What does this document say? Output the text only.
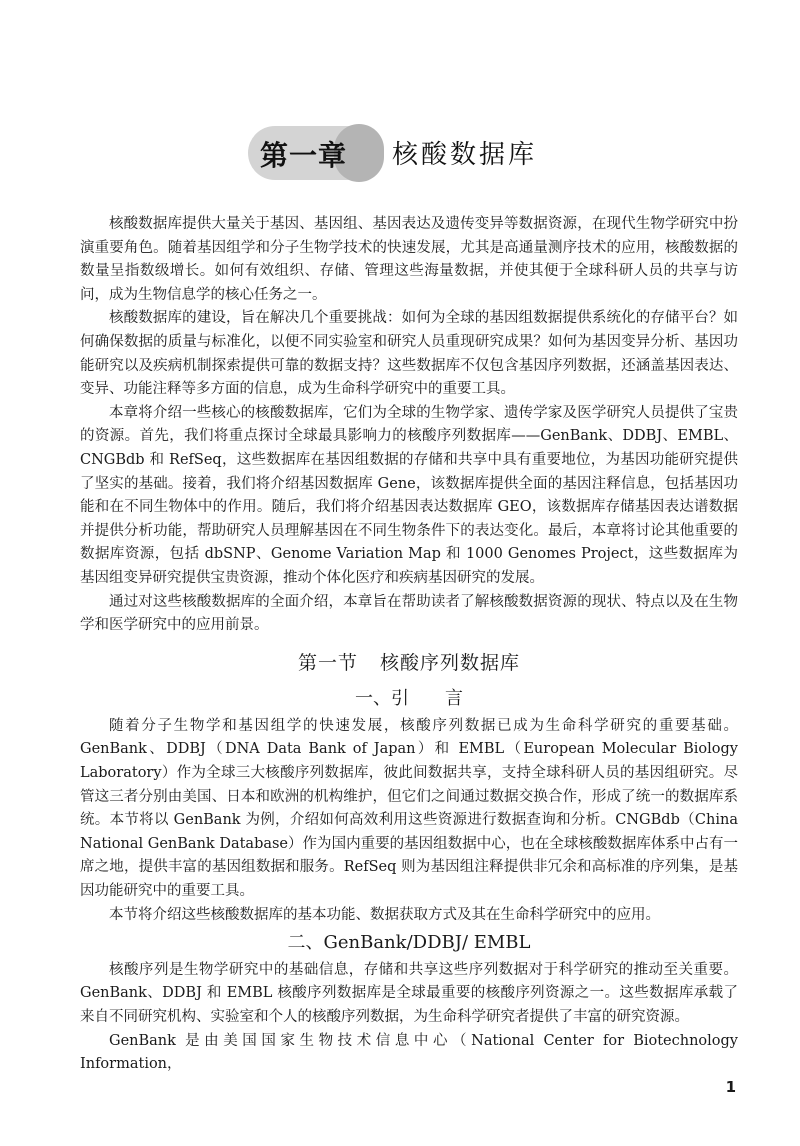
第一章 核酸数据库

核酸数据库提供大量关于基因、基因组、基因表达及遗传变异等数据资源，在现代生物学研究中扮演重要角色。随着基因组学和分子生物学技术的快速发展，尤其是高通量测序技术的应用，核酸数据的数量呈指数级增长。如何有效组织、存储、管理这些海量数据，并使其便于全球科研人员的共享与访问，成为生物信息学的核心任务之一。

核酸数据库的建设，旨在解决几个重要挑战：如何为全球的基因组数据提供系统化的存储平台？如何确保数据的质量与标准化，以便不同实验室和研究人员重现研究成果？如何为基因变异分析、基因功能研究以及疾病机制探索提供可靠的数据支持？这些数据库不仅包含基因序列数据，还涵盖基因表达、变异、功能注释等多方面的信息，成为生命科学研究中的重要工具。

本章将介绍一些核心的核酸数据库，它们为全球的生物学家、遗传学家及医学研究人员提供了宝贵的资源。首先，我们将重点探讨全球最具影响力的核酸序列数据库——GenBank、DDBJ、EMBL、CNGBdb 和 RefSeq，这些数据库在基因组数据的存储和共享中具有重要地位，为基因功能研究提供了坚实的基础。接着，我们将介绍基因数据库 Gene，该数据库提供全面的基因注释信息，包括基因功能和在不同生物体中的作用。随后，我们将介绍基因表达数据库 GEO，该数据库存储基因表达谱数据并提供分析功能，帮助研究人员理解基因在不同生物条件下的表达变化。最后，本章将讨论其他重要的数据库资源，包括 dbSNP、Genome Variation Map 和 1000 Genomes Project，这些数据库为基因组变异研究提供宝贵资源，推动个体化医疗和疾病基因研究的发展。

通过对这些核酸数据库的全面介绍，本章旨在帮助读者了解核酸数据资源的现状、特点以及在生物学和医学研究中的应用前景。

第一节 核酸序列数据库
一、引　　言

随着分子生物学和基因组学的快速发展，核酸序列数据已成为生命科学研究的重要基础。GenBank、DDBJ（DNA Data Bank of Japan）和 EMBL（European Molecular Biology Laboratory）作为全球三大核酸序列数据库，彼此间数据共享，支持全球科研人员的基因组研究。尽管这三者分别由美国、日本和欧洲的机构维护，但它们之间通过数据交换合作，形成了统一的数据库系统。本节将以 GenBank 为例，介绍如何高效利用这些资源进行数据查询和分析。CNGBdb（China National GenBank Database）作为国内重要的基因组数据中心，也在全球核酸数据库体系中占有一席之地，提供丰富的基因组数据和服务。RefSeq 则为基因组注释提供非冗余和高标准的序列集，是基因功能研究中的重要工具。

本节将介绍这些核酸数据库的基本功能、数据获取方式及其在生命科学研究中的应用。

二、GenBank/DDBJ/ EMBL

核酸序列是生物学研究中的基础信息，存储和共享这些序列数据对于科学研究的推动至关重要。GenBank、DDBJ 和 EMBL 核酸序列数据库是全球最重要的核酸序列资源之一。这些数据库承载了来自不同研究机构、实验室和个人的核酸序列数据，为生命科学研究者提供了丰富的研究资源。

GenBank 是由美国国家生物技术信息中心（National Center for Biotechnology Information，

1
